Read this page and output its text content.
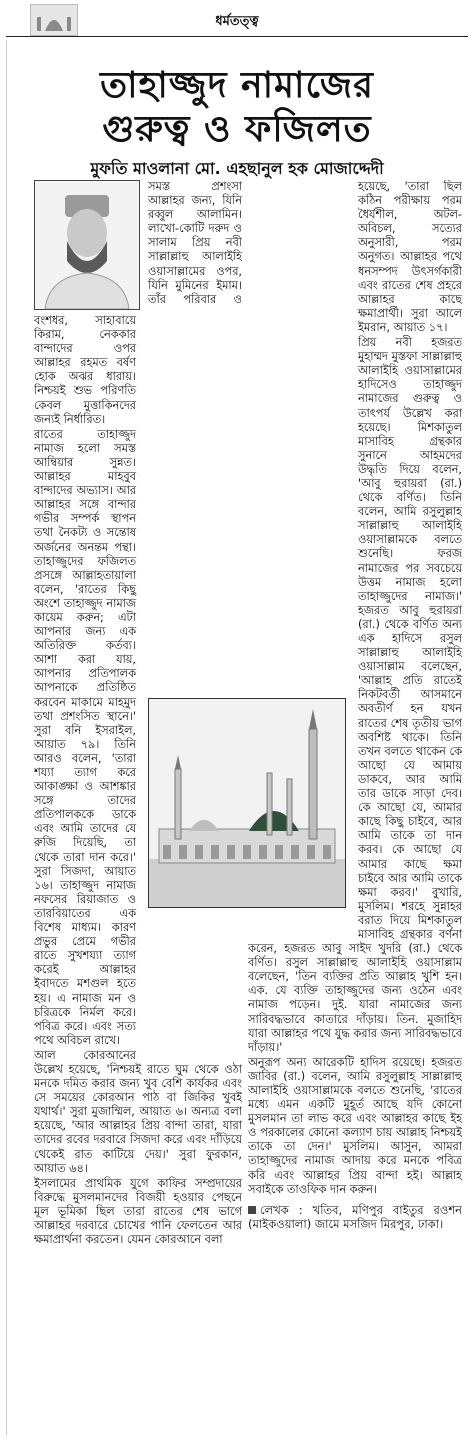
ধর্মতত্ত্ব
তাহাজ্জুদ নামাজের
গুরুত্ব ও ফজিলত
মুফতি মাওলানা মো. এহছানুল হক মোজাদ্দেদী

সমস্ত প্রশংসা আল্লাহর জন্য, যিনি রব্বুল আলামিন। লাখো-কোটি দরুদ ও সালাম প্রিয় নবী সাল্লাল্লাহু আলাইহি ওয়াসাল্লামের ওপর, যিনি মুমিনের ইমাম। তাঁর পরিবার ও বংশধর, সাহাবায়ে কিরাম, নেককার বান্দাদের ওপর আল্লাহর রহমত বর্ষণ হোক অঝর ধারায়। নিশ্চয়ই শুভ পরিণতি কেবল মুত্তাকিনদের জন্যই নির্ধারিত।

রাতের তাহাজ্জুদ নামাজ হলো সমস্ত আম্বিয়ার সুন্নত। আল্লাহর মাহবুব বান্দাদের অভ্যাস। আর আল্লাহর সঙ্গে বান্দার গভীর সম্পর্ক স্থাপন তথা নৈকট্য ও সন্তোষ অর্জনের অনন্তম পন্থা। তাহাজ্জুদের ফজিলত প্রসঙ্গে আল্লাহতায়ালা বলেন, 'রাতের কিছু অংশে তাহাজ্জুদ নামাজ কায়েম করুন; এটা আপনার জন্য এক অতিরিক্ত কর্তব্য। আশা করা যায়, আপনার প্রতিপালক আপনাকে প্রতিষ্ঠিত করবেন মাকামে মাহমুদ তথা প্রশংসিত স্থানে।' সুরা বনি ইসরাইল, আয়াত ৭৯। তিনি আরও বলেন, 'তারা শয্যা ত্যাগ করে আকাঙ্ক্ষা ও আশঙ্কার সঙ্গে তাদের প্রতিপালককে ডাকে এবং আমি তাদের যে রুজি দিয়েছি, তা থেকে তারা দান করে।' সুরা সিজদা, আয়াত ১৬। তাহাজ্জুদ নামাজ নফসের রিয়াজাত ও তারবিয়াতের এক বিশেষ মাধ্যম। কারণ প্রভুর প্রেমে গভীর রাতে সুখশয্যা ত্যাগ করেই আল্লাহর ইবাদতে মশগুল হতে হয়। এ নামাজ মন ও চরিত্রকে নির্মল করে। পবিত্র করে। এবং সত্য পথে অবিচল রাখে।

আল কোরআনের উল্লেখ হয়েছে, 'নিশ্চয়ই রাতে ঘুম থেকে ওঠা মনকে দমিত করার জন্য খুব বেশি কার্যকর এবং সে সময়ের কোরআন পাঠ বা জিকির খুবই যথার্থ।' সুরা মুজাম্মিল, আয়াত ৬। অন্যত্র বলা হয়েছে, 'আর আল্লাহর প্রিয় বান্দা তারা, যারা তাদের রবের দরবারে সিজদা করে এবং দাঁড়িয়ে থেকেই রাত কাটিয়ে দেয়।' সুরা ফুরকান, আয়াত ৬৪।

ইসলামের প্রাথমিক যুগে কাফির সম্প্রদায়ের বিরুদ্ধে মুসলমানদের বিজয়ী হওয়ার পেছনে মূল ভূমিকা ছিল তারা রাতের শেষ ভাগে আল্লাহর দরবারে চোখের পানি ফেলতেন আর ক্ষমাপ্রার্থনা করতেন। যেমন কোরআনে বলা

হয়েছে, 'তারা ছিল কঠিন পরীক্ষায় পরম ধৈর্যশীল, অটল-অবিচল, সত্যের অনুসারী, পরম অনুগত। আল্লাহর পথে ধনসম্পদ উৎসর্গকারী এবং রাতের শেষ প্রহরে আল্লাহর কাছে ক্ষমাপ্রার্থী। সুরা আলে ইমরান, আয়াত ১৭।

প্রিয় নবী হজরত মুহাম্মদ মুস্তফা সাল্লাল্লাহু আলাইহি ওয়াসাল্লামের হাদিসেও তাহাজ্জুদ নামাজের গুরুত্ব ও তাৎপর্য উল্লেখ করা হয়েছে। মিশকাতুল মাসাবিহ গ্রন্থকার সুনানে আহমদের উদ্ধৃতি দিয়ে বলেন, 'আবু হুরায়রা (রা.) থেকে বর্ণিত। তিনি বলেন, আমি রসুলুল্লাহ সাল্লাল্লাহু আলাইহি ওয়াসাল্লামকে বলতে শুনেছি। ফরজ নামাজের পর সবচেয়ে উত্তম নামাজ হলো তাহাজ্জুদের নামাজ।' হজরত আবু হুরায়রা (রা.) থেকে বর্ণিত অন্য এক হাদিসে রসুল সাল্লাল্লাহু আলাইহি ওয়াসাল্লাম বলেছেন, 'আল্লাহ প্রতি রাতেই নিকটবর্তী আসমানে অবতীর্ণ হন যখন রাতের শেষ তৃতীয় ভাগ অবশিষ্ট থাকে। তিনি তখন বলতে থাকেন কে আছো যে আমায় ডাকবে, আর আমি তার ডাকে সাড়া দেব। কে আছো যে, আমার কাছে কিছু চাইবে, আর আমি তাকে তা দান করব। কে আছো যে আমার কাছে ক্ষমা চাইবে আর আমি তাকে ক্ষমা করব।' বুখারি, মুসলিম। শরহে সুন্নাহর বরাত দিয়ে মিশকাতুল মাসাবিহ গ্রন্থকার বর্ণনা করেন, হজরত আবু সাইদ খুদরি (রা.) থেকে বর্ণিত। রসুল সাল্লাল্লাহু আলাইহি ওয়াসাল্লাম বলেছেন, 'তিন ব্যক্তির প্রতি আল্লাহ খুশি হন। এক. যে ব্যক্তি তাহাজ্জুদের জন্য ওঠেন এবং নামাজ পড়েন। দুই. যারা নামাজের জন্য সারিবদ্ধভাবে কাতারে দাঁড়ায়। তিন. মুজাহিদ যারা আল্লাহর পথে যুদ্ধ করার জন্য সারিবদ্ধভাবে দাঁড়ায়।'

অনুরূপ অন্য আরেকটি হাদিস রয়েছে। হজরত জাবির (রা.) বলেন, আমি রসুলুল্লাহ সাল্লাল্লাহু আলাইহি ওয়াসাল্লামকে বলতে শুনেছি, 'রাতের মধ্যে এমন একটি মুহূর্ত আছে যদি কোনো মুসলমান তা লাভ করে এবং আল্লাহর কাছে ইহ ও পরকালের কোনো কল্যাণ চায় আল্লাহ নিশ্চয়ই তাকে তা দেন।' মুসলিম। আসুন, আমরা তাহাজ্জুদের নামাজ আদায় করে মনকে পবিত্র করি এবং আল্লাহর প্রিয় বান্দা হই। আল্লাহ সবাইকে তাওফিক দান করুন।

লেখক : খতিব, মণিপুর বাইতুর রওশন (মাইকওয়ালা) জামে মসজিদ মিরপুর, ঢাকা।
